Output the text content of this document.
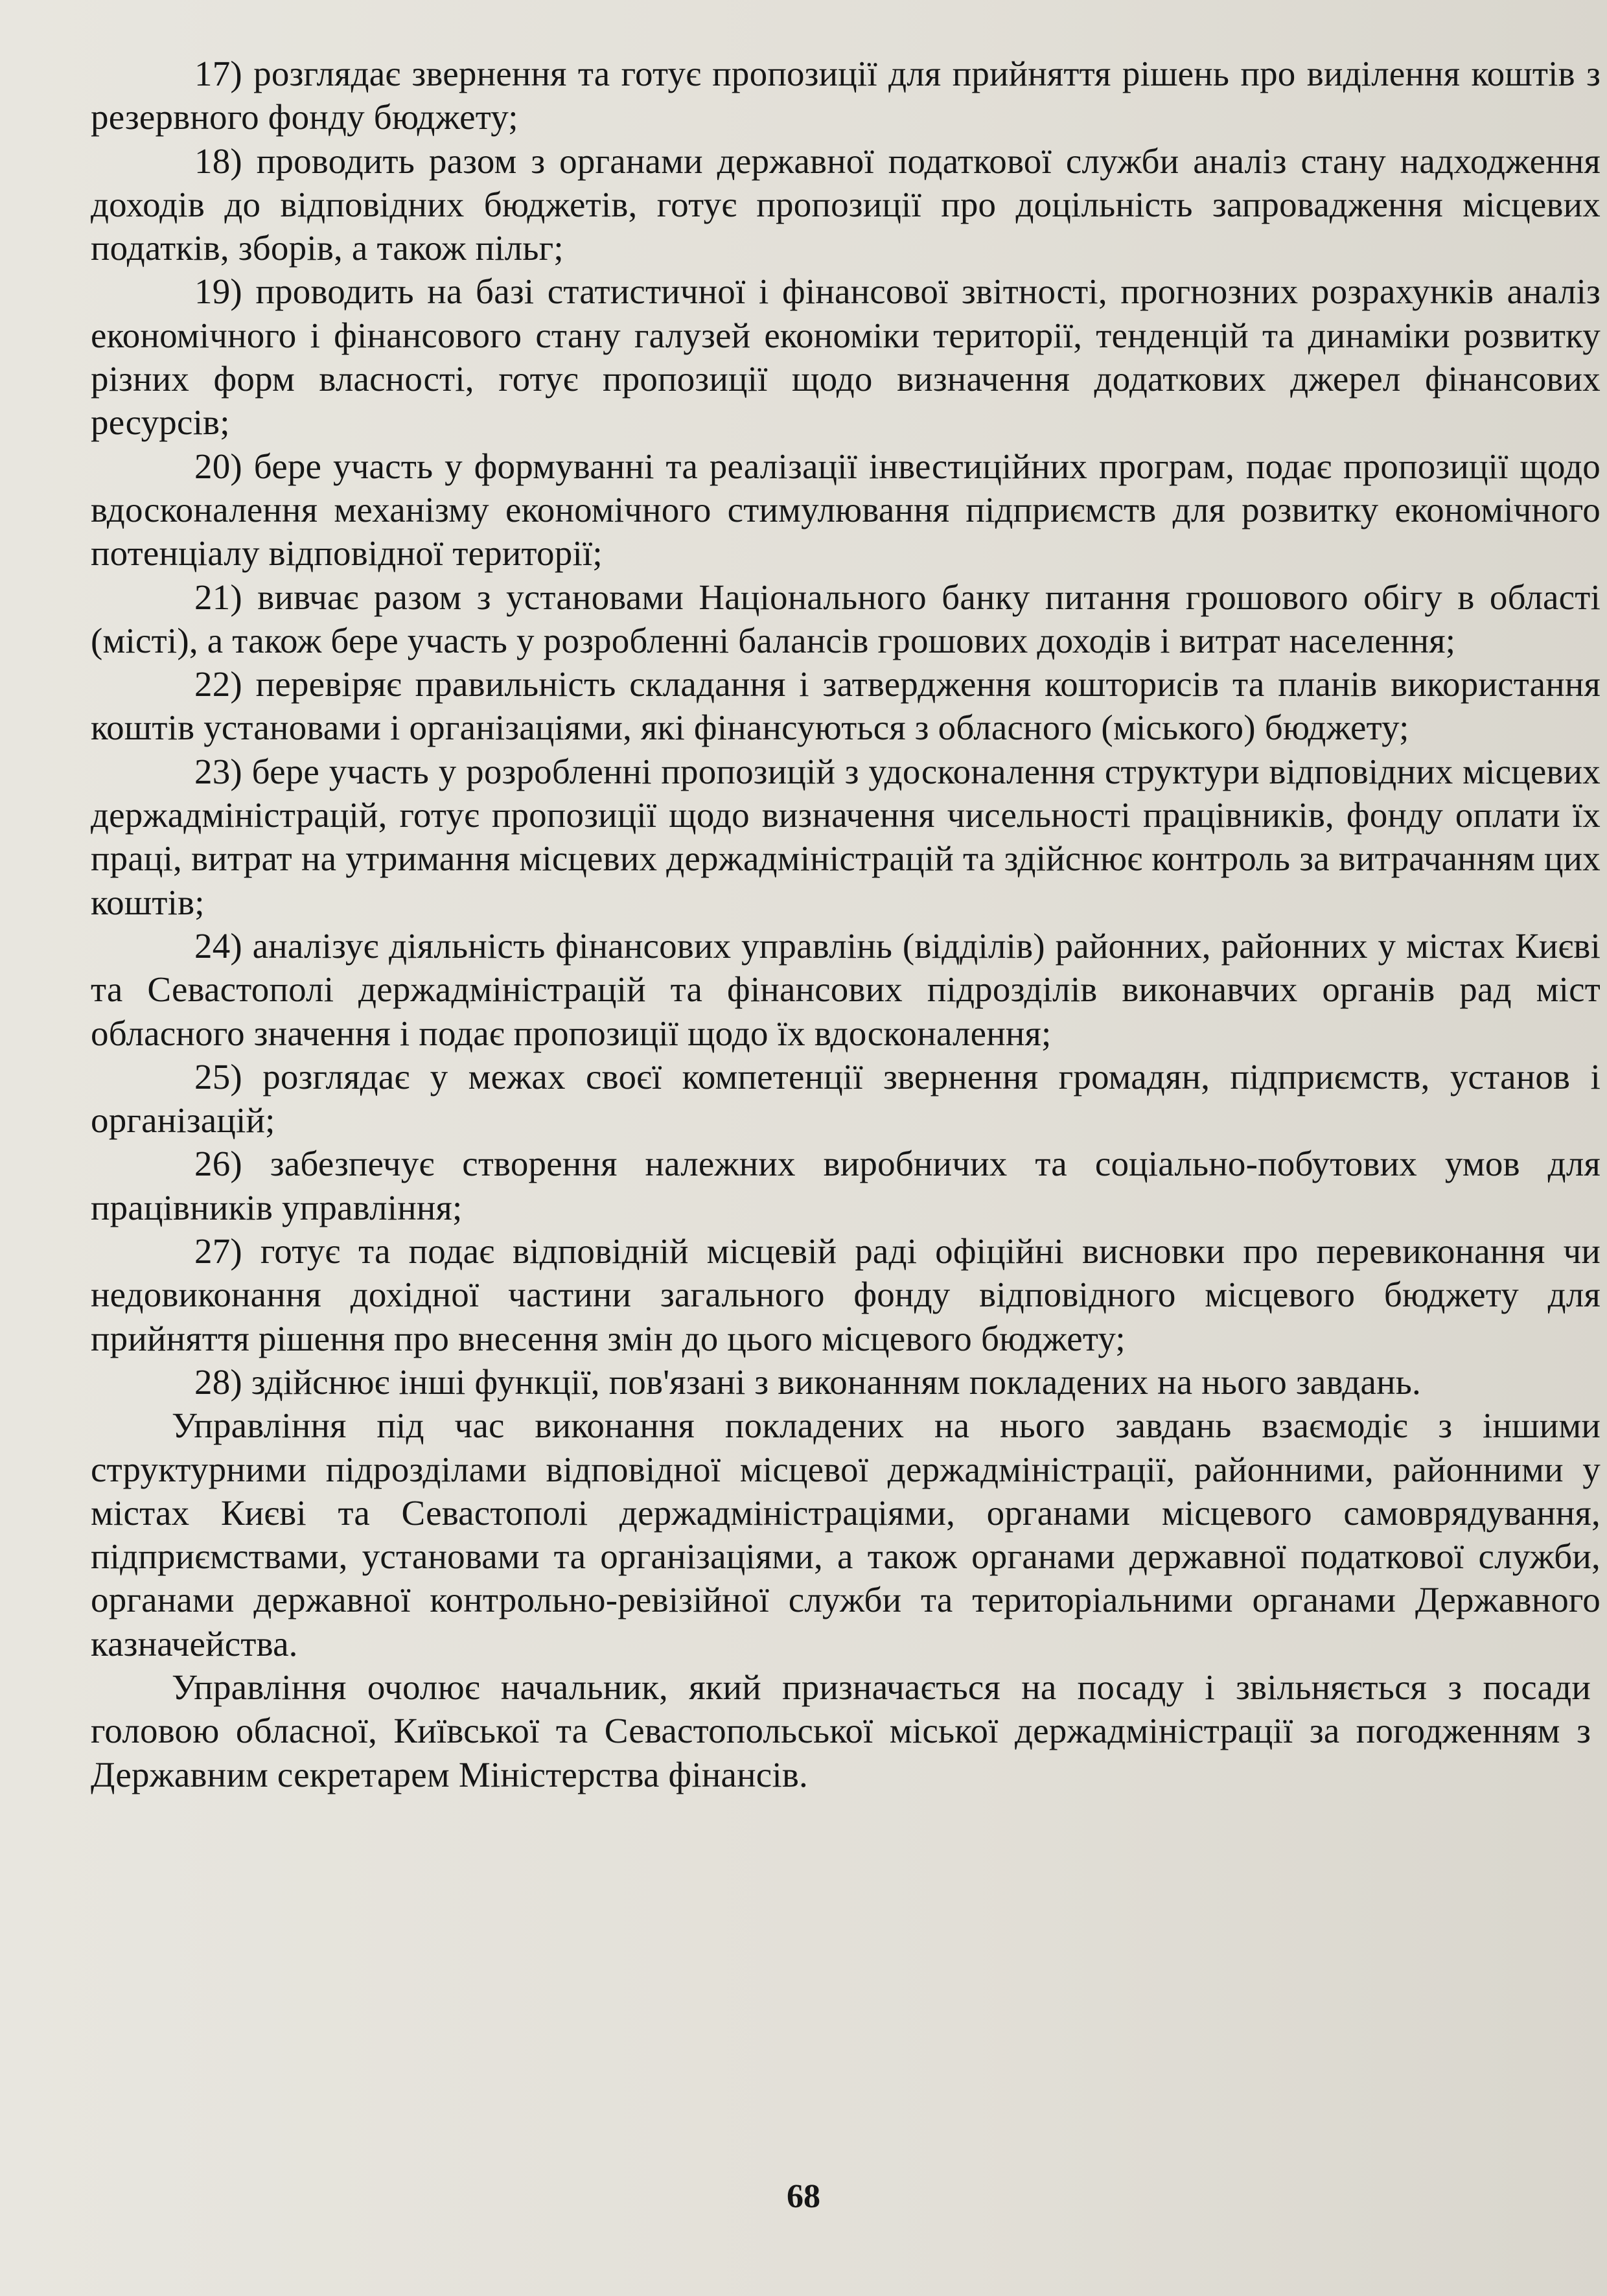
17) розглядає звернення та готує пропозиції для прийняття рішень про виділення коштів з резервного фонду бюджету;

18) проводить разом з органами державної податкової служби аналіз стану надходження доходів до відповідних бюджетів, готує пропозиції про доцільність запровадження місцевих податків, зборів, а також пільг;

19) проводить на базі статистичної і фінансової звітності, прогнозних розрахунків аналіз економічного і фінансового стану галузей економіки території, тенденцій та динаміки розвитку різних форм власності, готує пропозиції щодо визначення додаткових джерел фінансових ресурсів;

20) бере участь у формуванні та реалізації інвестиційних програм, подає пропозиції щодо вдосконалення механізму економічного стимулювання підприємств для розвитку економічного потенціалу відповідної території;

21) вивчає разом з установами Національного банку питання грошового обігу в області (місті), а також бере участь у розробленні балансів грошових доходів і витрат населення;

22) перевіряє правильність складання і затвердження кошторисів та планів використання коштів установами і організаціями, які фінансуються з обласного (міського) бюджету;

23) бере участь у розробленні пропозицій з удосконалення структури відповідних місцевих держадміністрацій, готує пропозиції щодо визначення чисельності працівників, фонду оплати їх праці, витрат на утримання місцевих держадміністрацій та здійснює контроль за витрачанням цих коштів;

24) аналізує діяльність фінансових управлінь (відділів) районних, районних у містах Києві та Севастополі держадміністрацій та фінансових підрозділів виконавчих органів рад міст обласного значення і подає пропозиції щодо їх вдосконалення;

25) розглядає у межах своєї компетенції звернення громадян, підприємств, установ і організацій;

26) забезпечує створення належних виробничих та соціально-побутових умов для працівників управління;

27) готує та подає відповідній місцевій раді офіційні висновки про перевиконання чи недовиконання дохідної частини загального фонду відповідного місцевого бюджету для прийняття рішення про внесення змін до цього місцевого бюджету;

28) здійснює інші функції, пов'язані з виконанням покладених на нього завдань.

Управління під час виконання покладених на нього завдань взаємодіє з іншими структурними підрозділами відповідної місцевої держадміністрації, районними, районними у містах Києві та Севастополі держадміністраціями, органами місцевого самоврядування, підприємствами, установами та організаціями, а також органами державної податкової служби, органами державної контрольно-ревізійної служби та територіальними органами Державного казначейства.

Управління очолює начальник, який призначається на посаду і звільняється з посади головою обласної, Київської та Севастопольської міської держадміністрації за погодженням з Державним секретарем Міністерства фінансів.

68
